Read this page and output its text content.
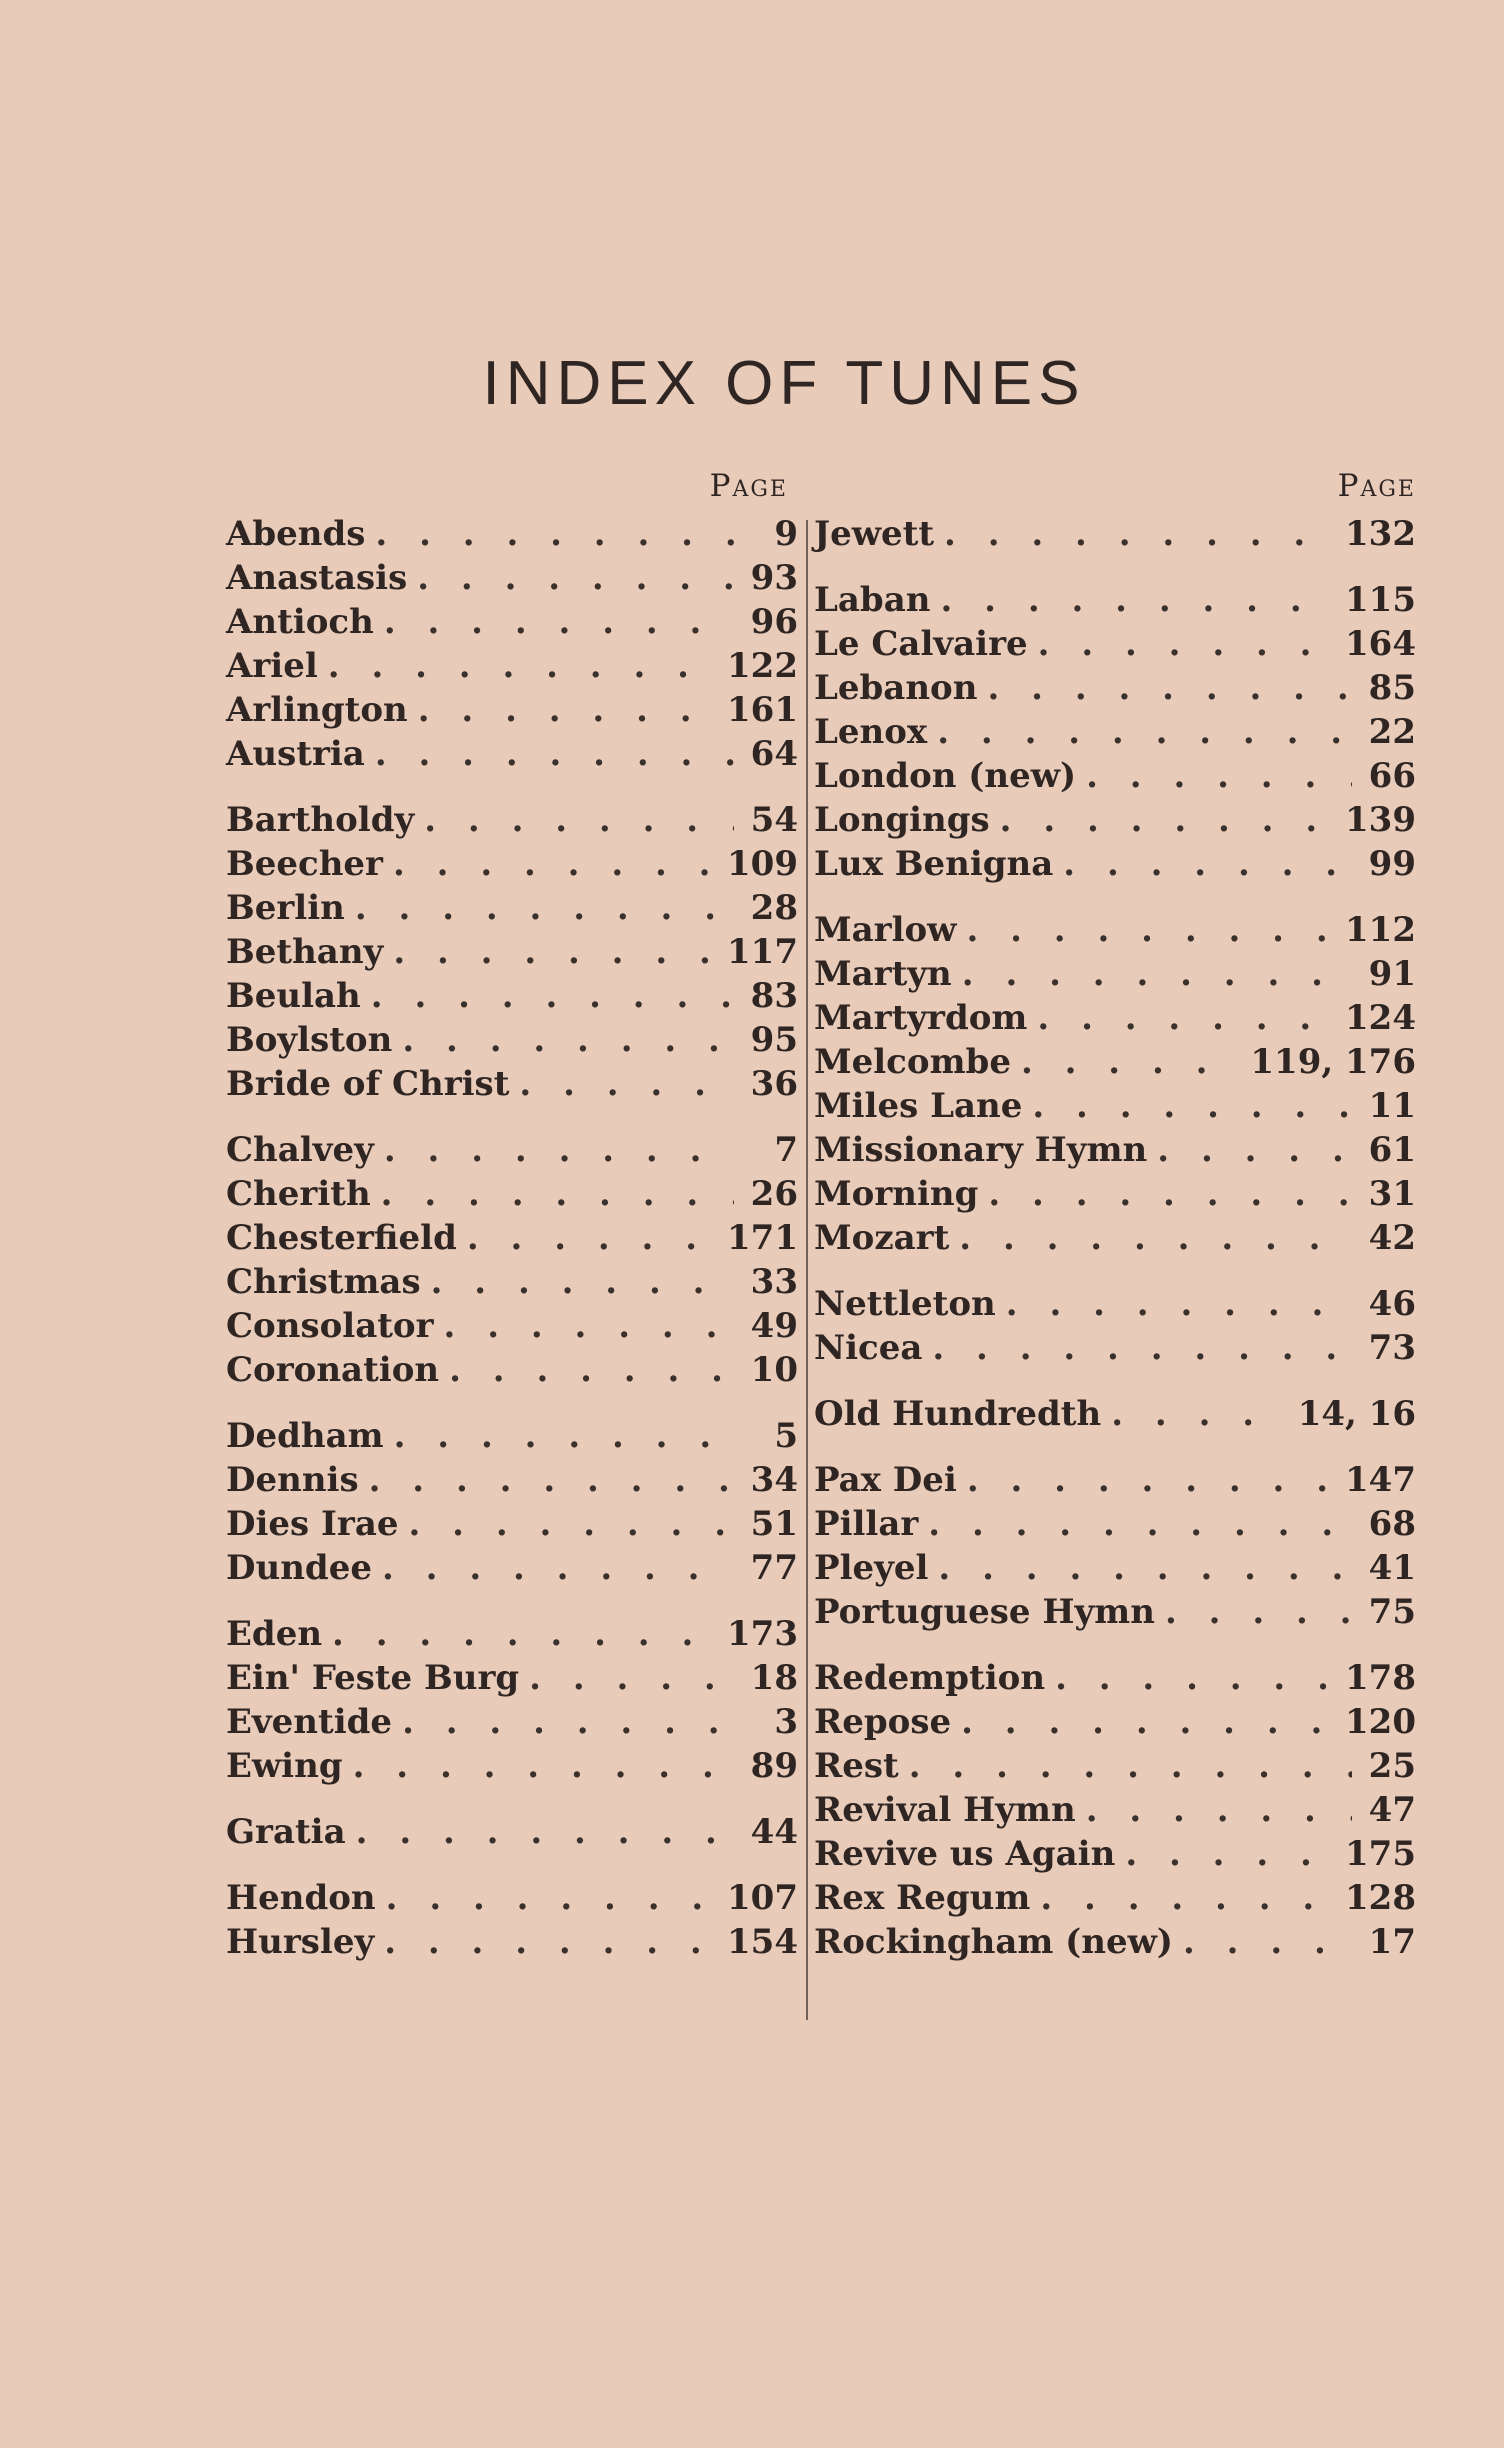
INDEX OF TUNES
Page
Abends . . .	9
Anastasis . . .	93
Antioch . . .	96
Ariel . . .	122
Arlington . . .	161
Austria . . .	64
Bartholdy . . .	54
Beecher . . .	109
Berlin . . .	28
Bethany . . .	117
Beulah . . .	83
Boylston . . .	95
Bride of Christ . . .	36
Chalvey . . .	7
Cherith . . .	26
Chesterfield . . .	171
Christmas . . .	33
Consolator . . .	49
Coronation . . .	10
Dedham . . .	5
Dennis . . .	34
Dies Irae . . .	51
Dundee . . .	77
Eden . . .	173
Ein' Feste Burg . . .	18
Eventide . . .	3
Ewing . . .	89
Gratia . . .	44
Hendon . . .	107
Hursley . . .	154
Page
Jewett . . .	132
Laban . . .	115
Le Calvaire . . .	164
Lebanon . . .	85
Lenox . . .	22
London (new) . . .	66
Longings . . .	139
Lux Benigna . . .	99
Marlow . . .	112
Martyn . . .	91
Martyrdom . . .	124
Melcombe . . .	119, 176
Miles Lane . . .	11
Missionary Hymn . . .	61
Morning . . .	31
Mozart . . .	42
Nettleton . . .	46
Nicea . . .	73
Old Hundredth . . .	14, 16
Pax Dei . . .	147
Pillar . . .	68
Pleyel . . .	41
Portuguese Hymn . . .	75
Redemption . . .	178
Repose . . .	120
Rest . . .	25
Revival Hymn . . .	47
Revive us Again . . .	175
Rex Regum . . .	128
Rockingham (new) . . .	17
